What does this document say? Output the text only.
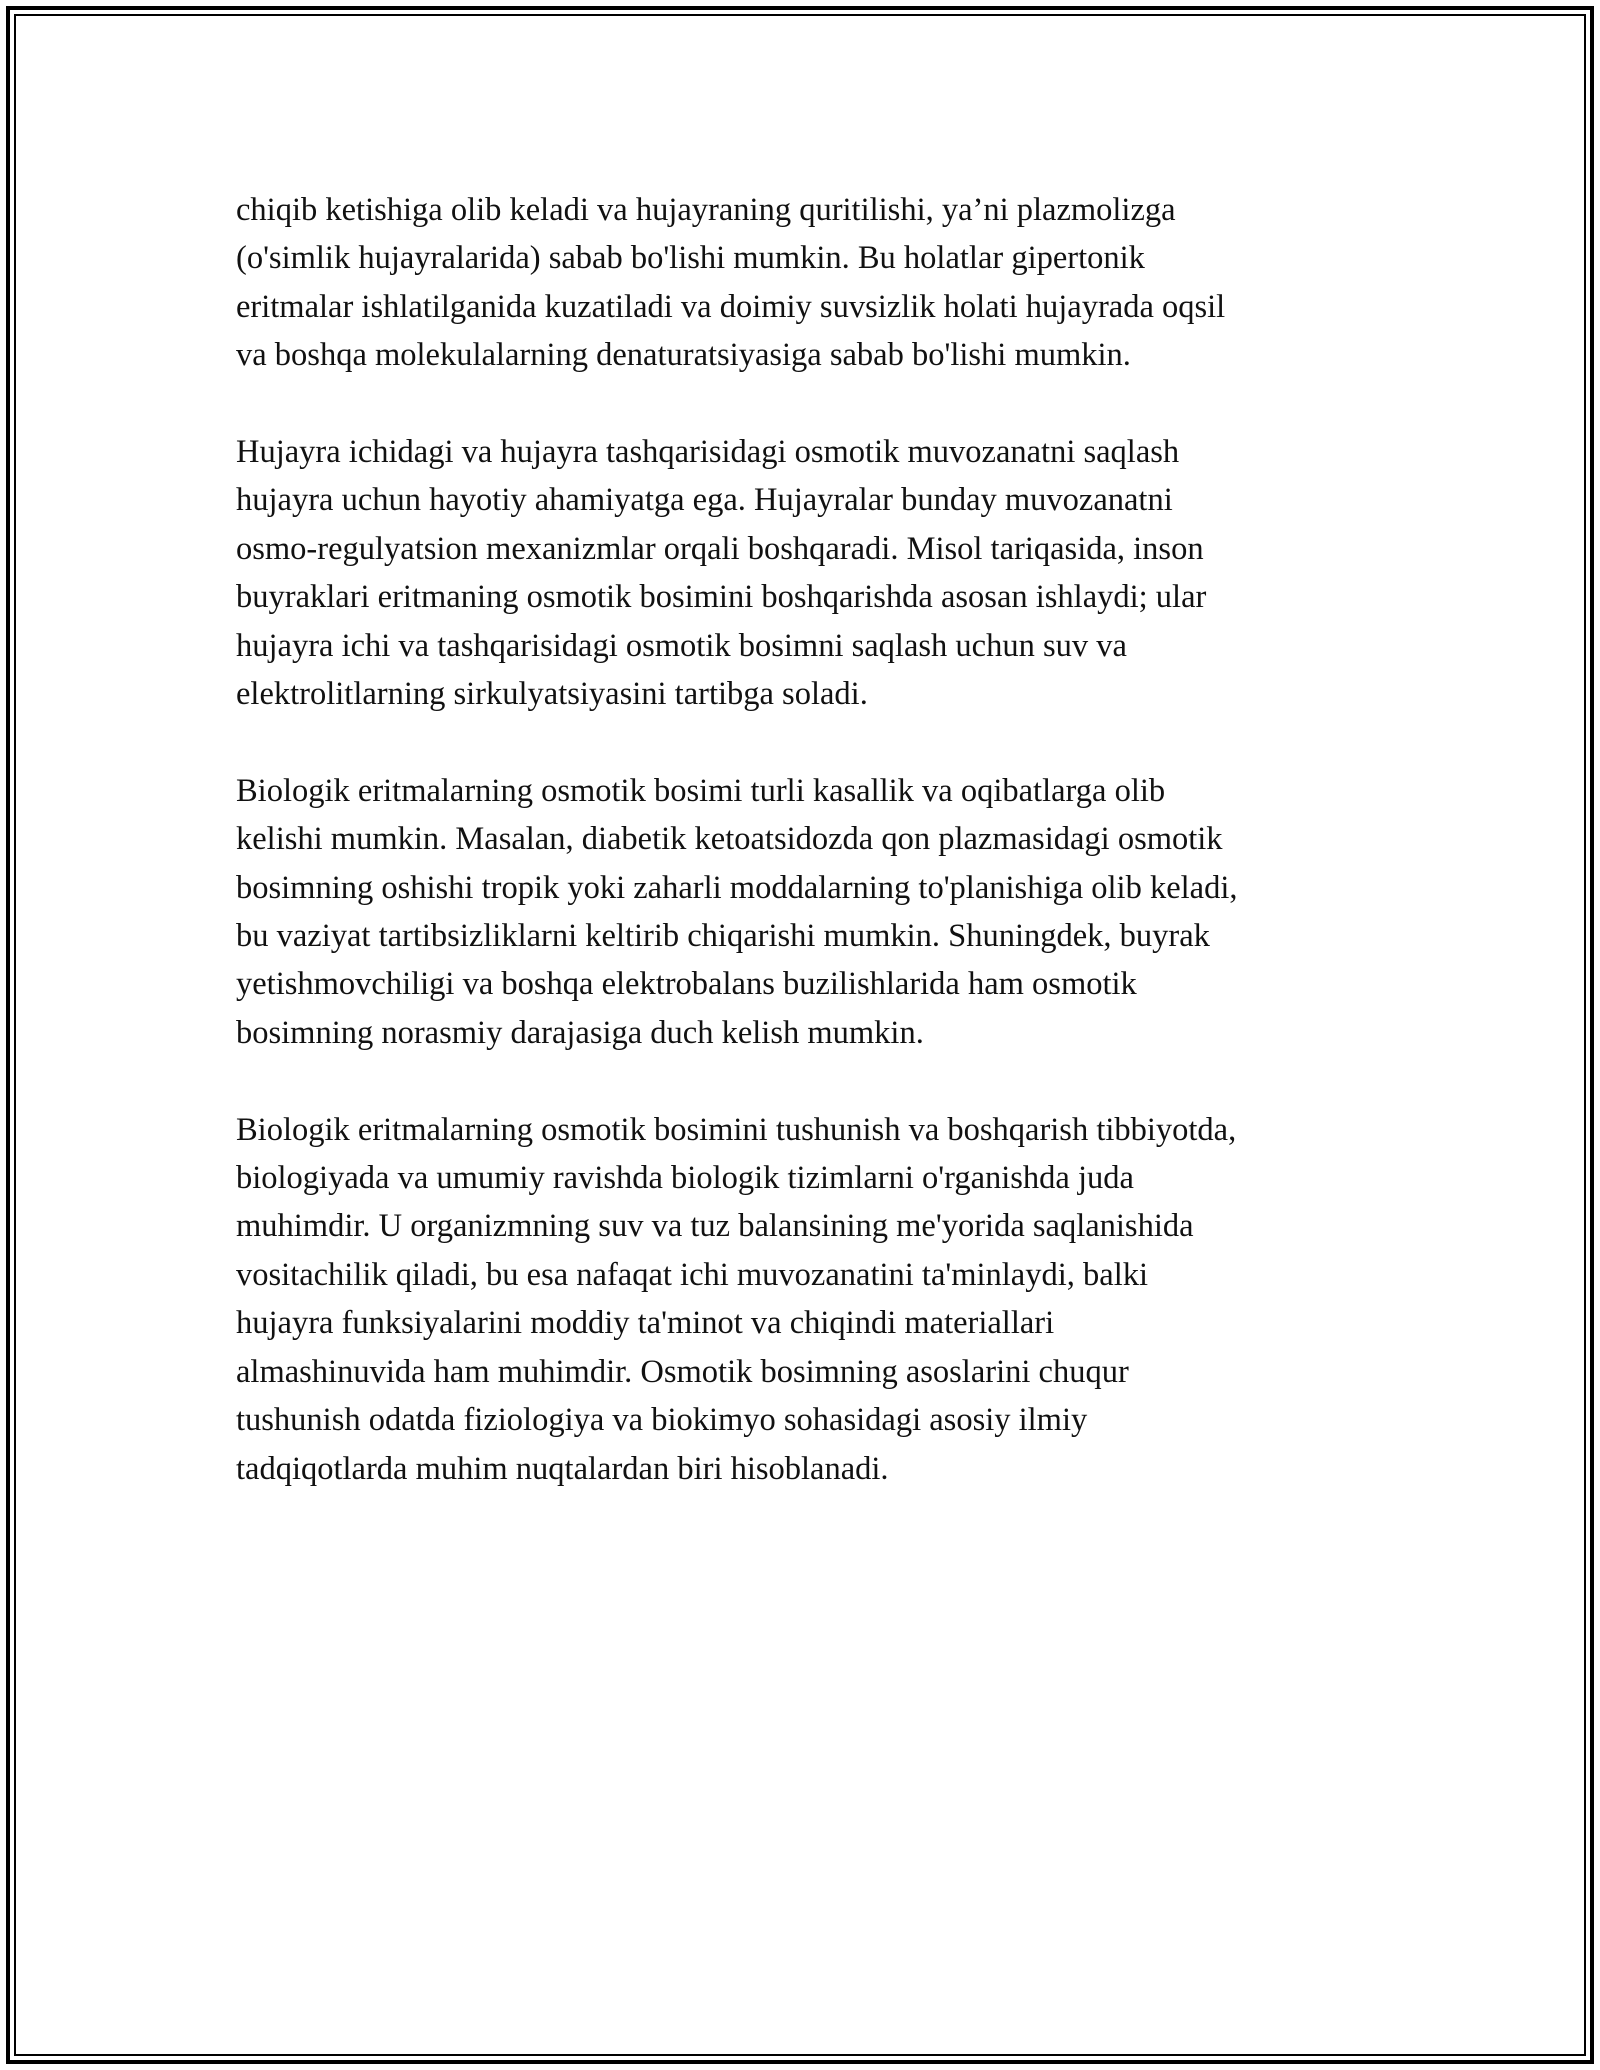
chiqib ketishiga olib keladi va hujayraning quritilishi, ya’ni plazmolizga
(o'simlik hujayralarida) sabab bo'lishi mumkin. Bu holatlar gipertonik
eritmalar ishlatilganida kuzatiladi va doimiy suvsizlik holati hujayrada oqsil
va boshqa molekulalarning denaturatsiyasiga sabab bo'lishi mumkin.

Hujayra ichidagi va hujayra tashqarisidagi osmotik muvozanatni saqlash
hujayra uchun hayotiy ahamiyatga ega. Hujayralar bunday muvozanatni
osmo-regulyatsion mexanizmlar orqali boshqaradi. Misol tariqasida, inson
buyraklari eritmaning osmotik bosimini boshqarishda asosan ishlaydi; ular
hujayra ichi va tashqarisidagi osmotik bosimni saqlash uchun suv va
elektrolitlarning sirkulyatsiyasini tartibga soladi.

Biologik eritmalarning osmotik bosimi turli kasallik va oqibatlarga olib
kelishi mumkin. Masalan, diabetik ketoatsidozda qon plazmasidagi osmotik
bosimning oshishi tropik yoki zaharli moddalarning to'planishiga olib keladi,
bu vaziyat tartibsizliklarni keltirib chiqarishi mumkin. Shuningdek, buyrak
yetishmovchiligi va boshqa elektrobalans buzilishlarida ham osmotik
bosimning norasmiy darajasiga duch kelish mumkin.

Biologik eritmalarning osmotik bosimini tushunish va boshqarish tibbiyotda,
biologiyada va umumiy ravishda biologik tizimlarni o'rganishda juda
muhimdir. U organizmning suv va tuz balansining me'yorida saqlanishida
vositachilik qiladi, bu esa nafaqat ichi muvozanatini ta'minlaydi, balki
hujayra funksiyalarini moddiy ta'minot va chiqindi materiallari
almashinuvida ham muhimdir. Osmotik bosimning asoslarini chuqur
tushunish odatda fiziologiya va biokimyo sohasidagi asosiy ilmiy
tadqiqotlarda muhim nuqtalardan biri hisoblanadi.
